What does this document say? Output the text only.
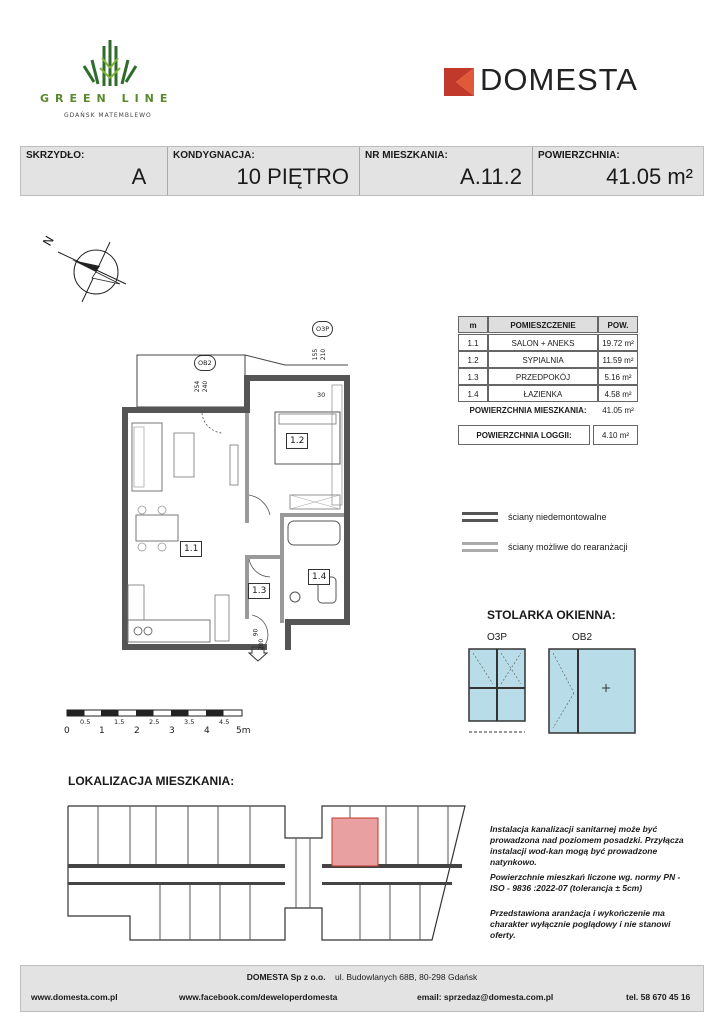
GREEN LINE
GDAŃSK MATEMBLEWO
DOMESTA
SKRZYDŁO:
A
KONDYGNACJA:
10 PIĘTRO
NR MIESZKANIA:
A.11.2
POWIERZCHNIA:
41.05 m²
N
1.1
1.2
1.3
1.4
OB2
O3P
254 240
155 210
30
90
200
m	POMIESZCZENIE	POW.
1.1	SALON + ANEKS	19.72 m²
1.2	SYPIALNIA	11.59 m²
1.3	PRZEDPOKÓJ	5.16 m²
1.4	ŁAZIENKA	4.58 m²
POWIERZCHNIA MIESZKANIA:	41.05 m²
POWIERZCHNIA LOGGII:	4.10 m²
ściany niedemontowalne
ściany możliwe do rearanżacji
STOLARKA OKIENNA:
O3P	OB2
0
0.5
1
1.5
2
2.5
3
3.5
4
4.5
5m
LOKALIZACJA MIESZKANIA:
Instalacja kanalizacji sanitarnej może być prowadzona nad poziomem posadzki. Przyłącza instalacji wod-kan mogą być prowadzone natynkowo.
Powierzchnie mieszkań liczone wg. normy PN - ISO - 9836 :2022-07 (tolerancja ± 5cm)
Przedstawiona aranżacja i wykończenie ma charakter wyłącznie poglądowy i nie stanowi oferty.
DOMESTA Sp z o.o. ul. Budowlanych 68B, 80-298 Gdańsk
www.domesta.com.pl	www.facebook.com/deweloperdomesta	email: sprzedaz@domesta.com.pl	tel. 58 670 45 16
